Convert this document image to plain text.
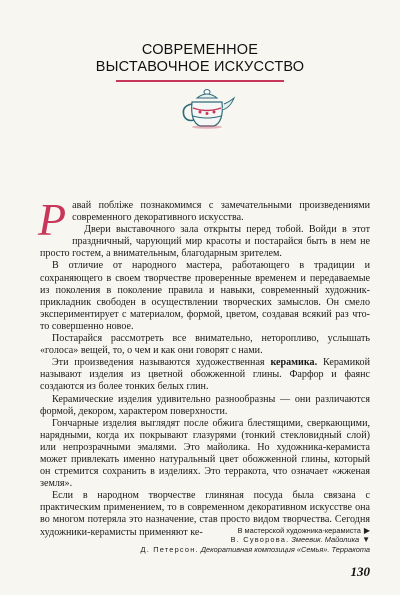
СОВРЕМЕННОЕ
ВЫСТАВОЧНОЕ ИСКУССТВО

Равай побліже познакомимся с замечательными произведениями современного декоративного искусства.

Двери выставочного зала открыты перед тобой. Войди в этот праздничный, чарующий мир красоты и постарайся быть в нем не просто гостем, а внимательным, благодарным зрителем.

В отличие от народного мастера, работающего в традиции и сохраняющего в своем творчестве проверенные временем и передаваемые из поколения в поколение правила и навыки, современный художник-прикладник свободен в осуществлении творческих замыслов. Он смело экспериментирует с материалом, формой, цветом, создавая всякий раз что-то совершенно новое.

Постарайся рассмотреть все внимательно, неторопливо, услышать «голоса» вещей, то, о чем и как они говорят с нами.

Эти произведения называются художественная керамика. Керамикой называют изделия из цветной обожженной глины. Фарфор и фаянс создаются из более тонких белых глин.

Керамические изделия удивительно разнообразны — они различаются формой, декором, характером поверхности.

Гончарные изделия выглядят после обжига блестящими, сверкающими, нарядными, когда их покрывают глазурями (тонкий стекловидный слой) или непрозрачными эмалями. Это майолика. Но художника-керамиста может привлекать именно натуральный цвет обожженной глины, который он стремится сохранить в изделиях. Это терракота, что означает «жженая земля».

Если в народном творчестве глиняная посуда была связана с практическим применением, то в современном декоративном искусстве она во многом потеряла это назначение, став просто видом творчества. Сегодня художники-керамисты применяют ке-	В мастерской художника-керамиста ▶
В. Суворова. Змеевик. Майолика ▼
Д. Петерсон. Декоративная композиция «Семья». Терракота
130
